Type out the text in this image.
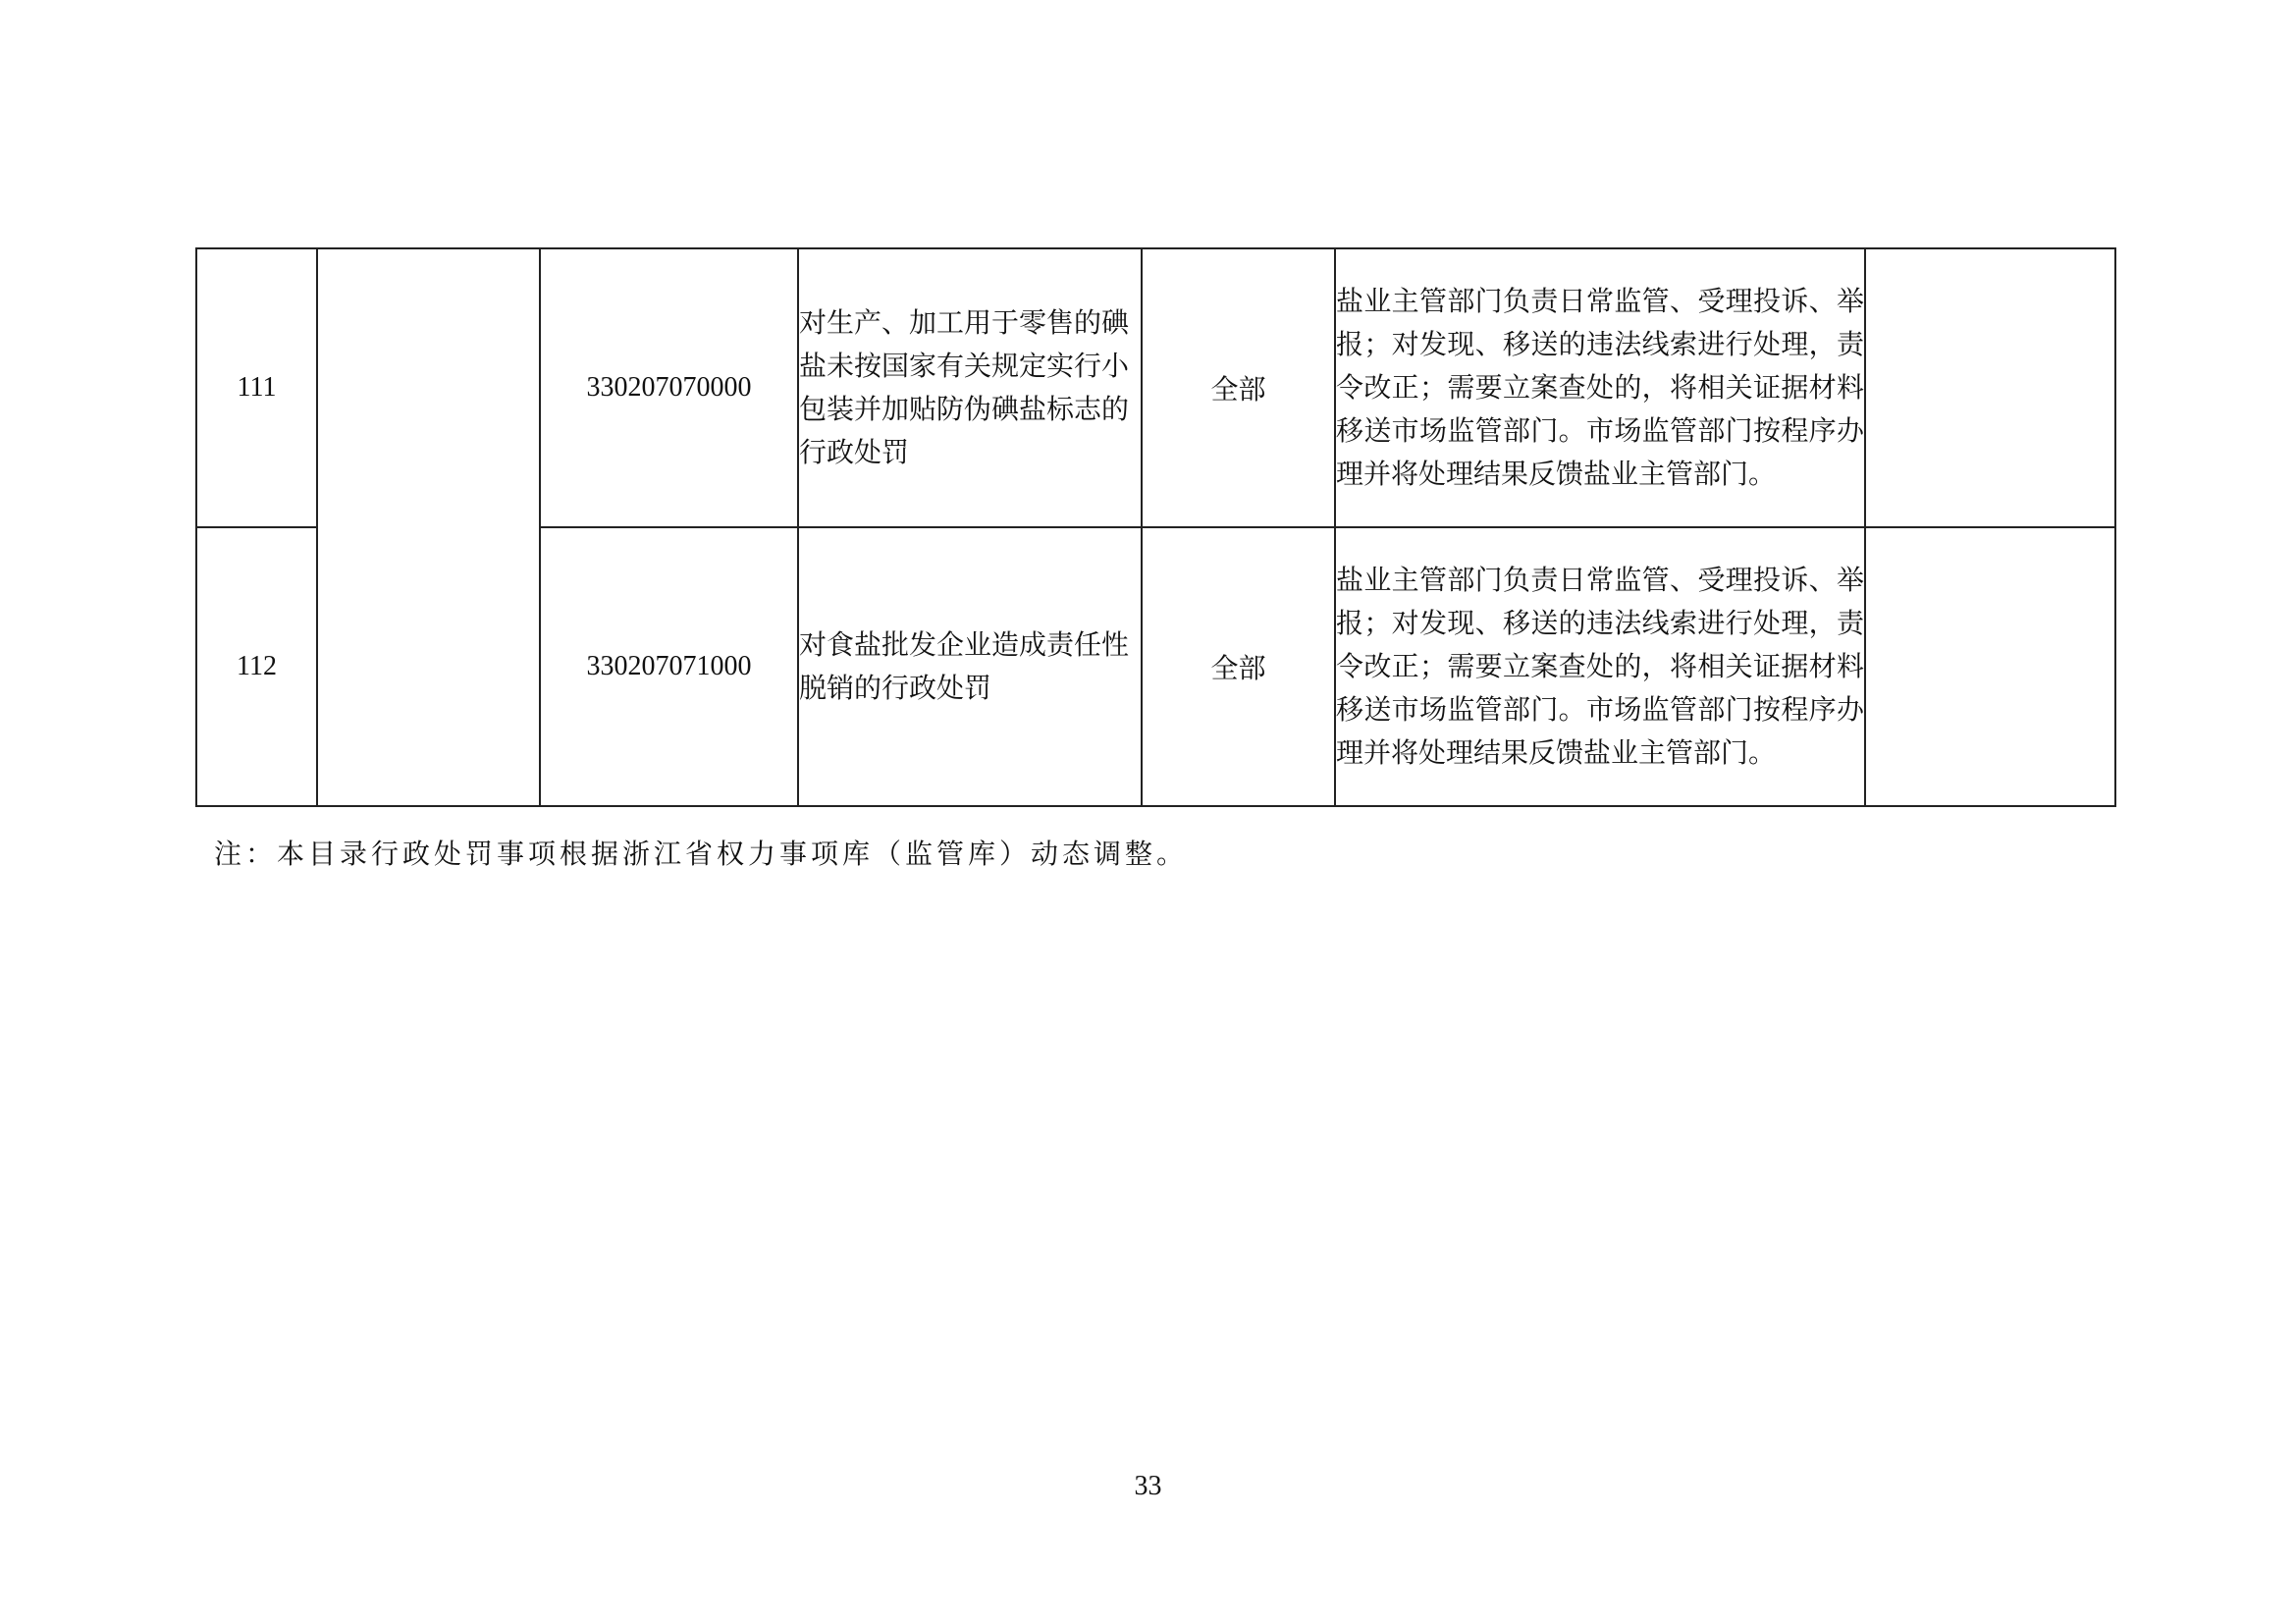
111		330207070000	对生产、加工用于零售的碘盐未按国家有关规定实行小包装并加贴防伪碘盐标志的行政处罚	全部	盐业主管部门负责日常监管、受理投诉、举报；对发现、移送的违法线索进行处理，责令改正；需要立案查处的，将相关证据材料移送市场监管部门。市场监管部门按程序办理并将处理结果反馈盐业主管部门。	
112		330207071000	对食盐批发企业造成责任性脱销的行政处罚	全部	盐业主管部门负责日常监管、受理投诉、举报；对发现、移送的违法线索进行处理，责令改正；需要立案查处的，将相关证据材料移送市场监管部门。市场监管部门按程序办理并将处理结果反馈盐业主管部门。	
注：本目录行政处罚事项根据浙江省权力事项库（监管库）动态调整。
33
